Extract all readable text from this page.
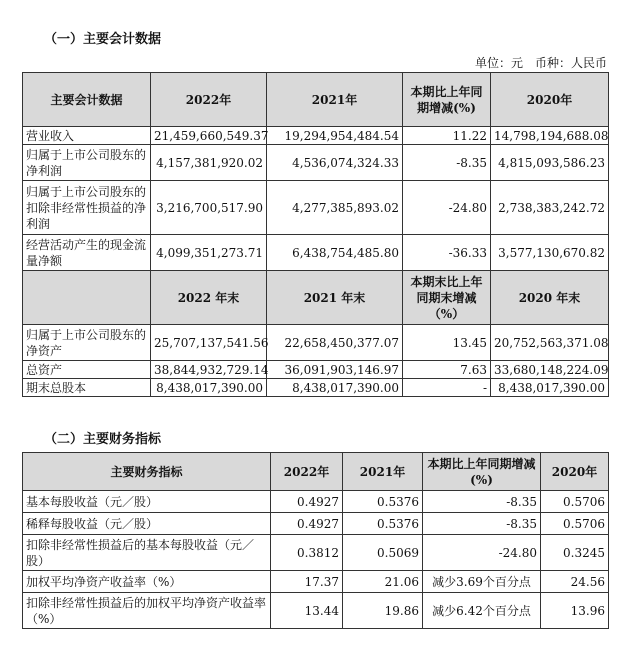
（一）主要会计数据
单位：元　币种：人民币
主要会计数据	2022年	2021年	本期比上年同期增减(%)	2020年
营业收入	21,459,660,549.37	19,294,954,484.54	11.22	14,798,194,688.08
归属于上市公司股东的净利润	4,157,381,920.02	4,536,074,324.33	-8.35	4,815,093,586.23
归属于上市公司股东的扣除非经常性损益的净利润	3,216,700,517.90	4,277,385,893.02	-24.80	2,738,383,242.72
经营活动产生的现金流量净额	4,099,351,273.71	6,438,754,485.80	-36.33	3,577,130,670.82
	2022 年末	2021 年末	本期末比上年同期末增减（%）	2020 年末
归属于上市公司股东的净资产	25,707,137,541.56	22,658,450,377.07	13.45	20,752,563,371.08
总资产	38,844,932,729.14	36,091,903,146.97	7.63	33,680,148,224.09
期末总股本	8,438,017,390.00	8,438,017,390.00	-	8,438,017,390.00
（二）主要财务指标
主要财务指标	2022年	2021年	本期比上年同期增减(%)	2020年
基本每股收益（元／股）	0.4927	0.5376	-8.35	0.5706
稀释每股收益（元／股）	0.4927	0.5376	-8.35	0.5706
扣除非经常性损益后的基本每股收益（元／股）	0.3812	0.5069	-24.80	0.3245
加权平均净资产收益率（%）	17.37	21.06	减少3.69个百分点	24.56
扣除非经常性损益后的加权平均净资产收益率（%）	13.44	19.86	减少6.42个百分点	13.96
